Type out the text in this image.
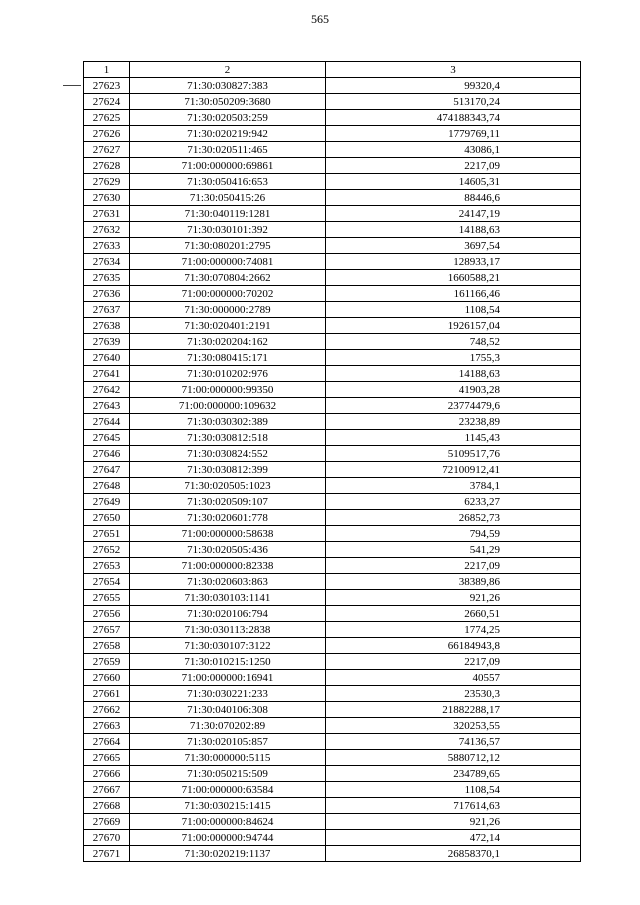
565
1	2	3
27623	71:30:030827:383	99320,4
27624	71:30:050209:3680	513170,24
27625	71:30:020503:259	474188343,74
27626	71:30:020219:942	1779769,11
27627	71:30:020511:465	43086,1
27628	71:00:000000:69861	2217,09
27629	71:30:050416:653	14605,31
27630	71:30:050415:26	88446,6
27631	71:30:040119:1281	24147,19
27632	71:30:030101:392	14188,63
27633	71:30:080201:2795	3697,54
27634	71:00:000000:74081	128933,17
27635	71:30:070804:2662	1660588,21
27636	71:00:000000:70202	161166,46
27637	71:30:000000:2789	1108,54
27638	71:30:020401:2191	1926157,04
27639	71:30:020204:162	748,52
27640	71:30:080415:171	1755,3
27641	71:30:010202:976	14188,63
27642	71:00:000000:99350	41903,28
27643	71:00:000000:109632	23774479,6
27644	71:30:030302:389	23238,89
27645	71:30:030812:518	1145,43
27646	71:30:030824:552	5109517,76
27647	71:30:030812:399	72100912,41
27648	71:30:020505:1023	3784,1
27649	71:30:020509:107	6233,27
27650	71:30:020601:778	26852,73
27651	71:00:000000:58638	794,59
27652	71:30:020505:436	541,29
27653	71:00:000000:82338	2217,09
27654	71:30:020603:863	38389,86
27655	71:30:030103:1141	921,26
27656	71:30:020106:794	2660,51
27657	71:30:030113:2838	1774,25
27658	71:30:030107:3122	66184943,8
27659	71:30:010215:1250	2217,09
27660	71:00:000000:16941	40557
27661	71:30:030221:233	23530,3
27662	71:30:040106:308	21882288,17
27663	71:30:070202:89	320253,55
27664	71:30:020105:857	74136,57
27665	71:30:000000:5115	5880712,12
27666	71:30:050215:509	234789,65
27667	71:00:000000:63584	1108,54
27668	71:30:030215:1415	717614,63
27669	71:00:000000:84624	921,26
27670	71:00:000000:94744	472,14
27671	71:30:020219:1137	26858370,1
